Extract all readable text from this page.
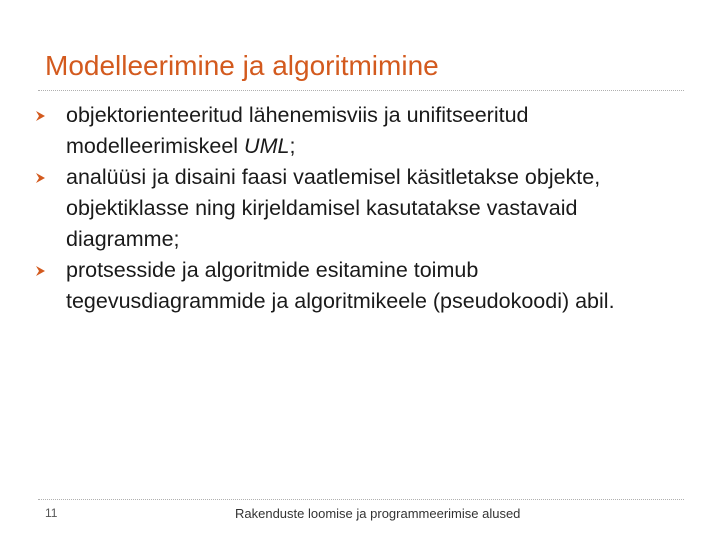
Modelleerimine ja algoritmimine
objektorienteeritud lähenemisviis ja unifitseeritud modelleerimiskeel UML;
analüüsi ja disaini faasi vaatlemisel käsitletakse objekte, objektiklasse ning kirjeldamisel kasutatakse vastavaid diagramme;
protsesside ja algoritmide esitamine toimub tegevusdiagrammide ja algoritmikeele (pseudokoodi) abil.
11	Rakenduste loomise ja programmeerimise alused
